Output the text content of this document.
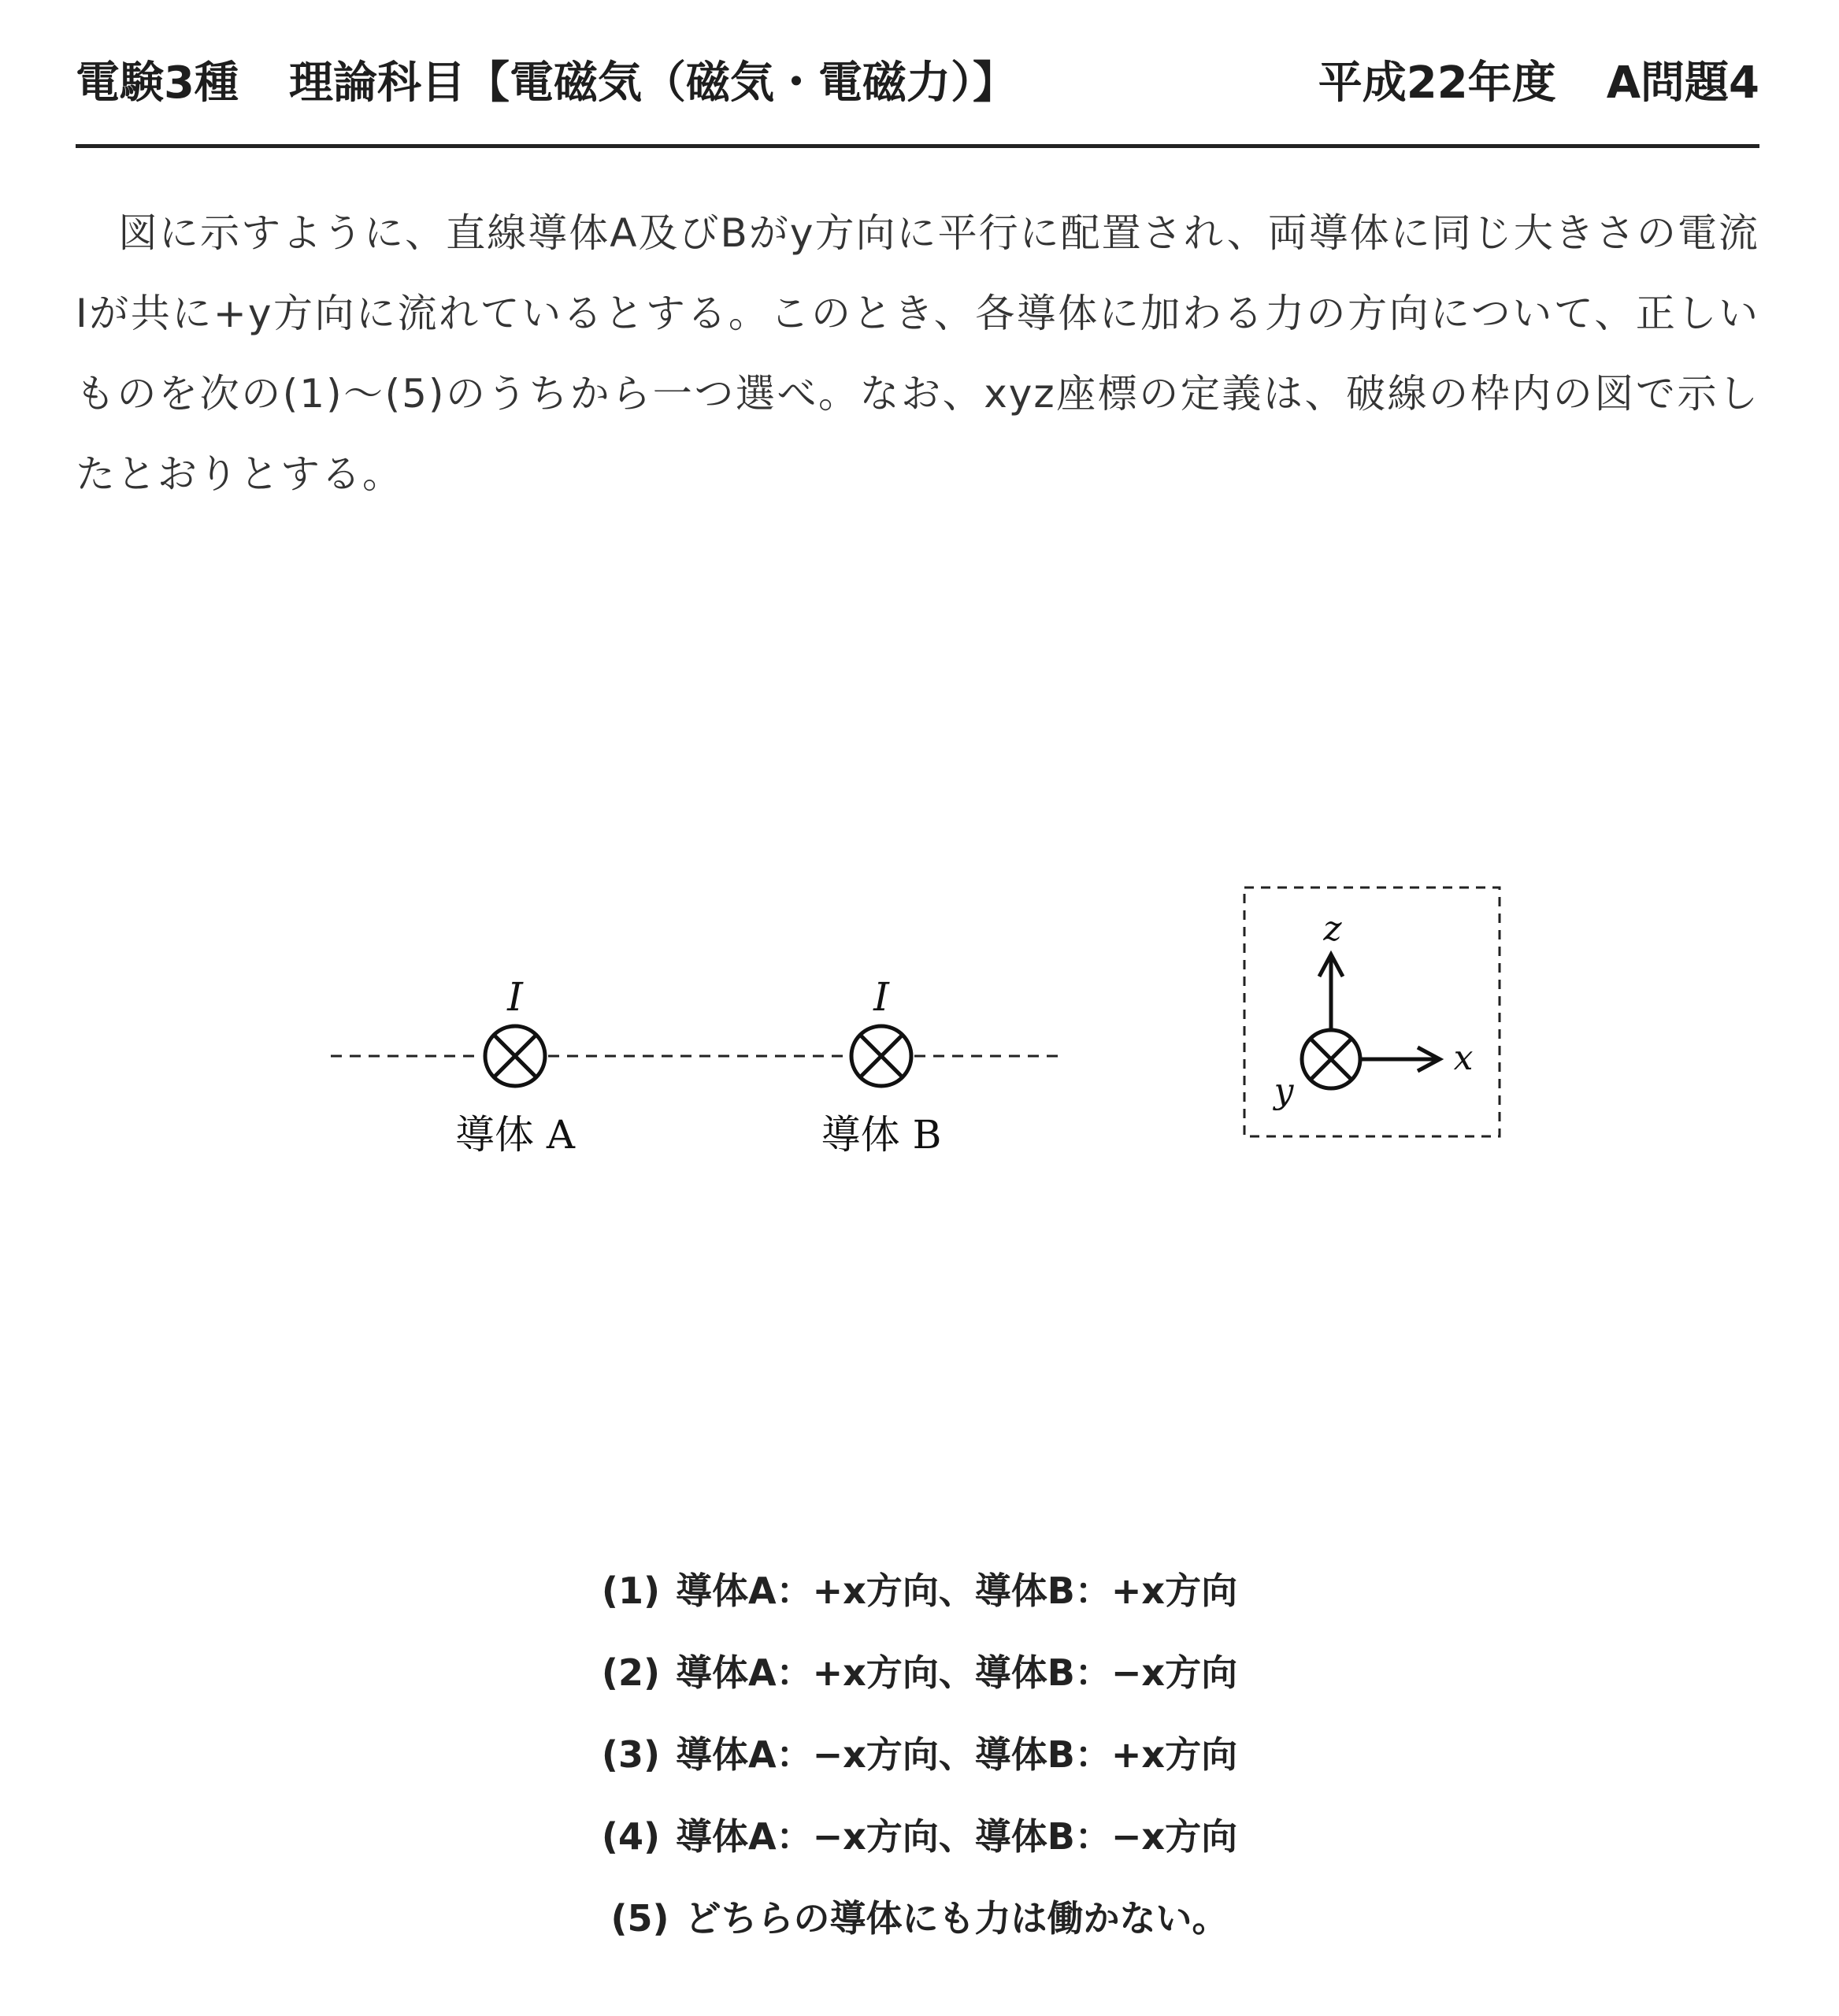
電験3種 理論科目【電磁気（磁気・電磁力）】	平成22年度 A問題4
図に示すように、直線導体A及びBがy方向に平行に配置され、両導体に同じ大きさの電流Iが共に+y方向に流れているとする。このとき、各導体に加わる力の方向について、正しいものを次の(1)〜(5)のうちから一つ選べ。なお、xyz座標の定義は、破線の枠内の図で示したとおりとする。
I
導体 A
I
導体 B
z
x
y
(1) 導体A：+x方向、導体B：+x方向
(2) 導体A：+x方向、導体B：−x方向
(3) 導体A：−x方向、導体B：+x方向
(4) 導体A：−x方向、導体B：−x方向
(5) どちらの導体にも力は働かない。
